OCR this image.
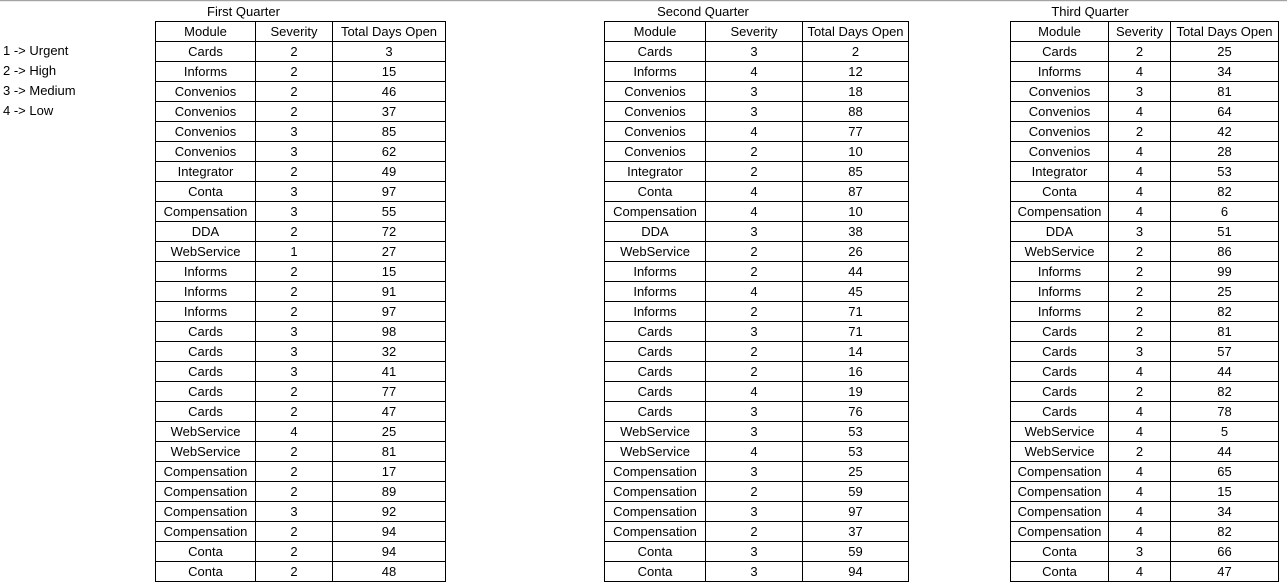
1 -> Urgent
2 -> High
3 -> Medium
4 -> Low
First Quarter	Second Quarter	Third Quarter
Module	Severity	Total Days Open
Cards	2	3
Informs	2	15
Convenios	2	46
Convenios	2	37
Convenios	3	85
Convenios	3	62
Integrator	2	49
Conta	3	97
Compensation	3	55
DDA	2	72
WebService	1	27
Informs	2	15
Informs	2	91
Informs	2	97
Cards	3	98
Cards	3	32
Cards	3	41
Cards	2	77
Cards	2	47
WebService	4	25
WebService	2	81
Compensation	2	17
Compensation	2	89
Compensation	3	92
Compensation	2	94
Conta	2	94
Conta	2	48
Module	Severity	Total Days Open
Cards	3	2
Informs	4	12
Convenios	3	18
Convenios	3	88
Convenios	4	77
Convenios	2	10
Integrator	2	85
Conta	4	87
Compensation	4	10
DDA	3	38
WebService	2	26
Informs	2	44
Informs	4	45
Informs	2	71
Cards	3	71
Cards	2	14
Cards	2	16
Cards	4	19
Cards	3	76
WebService	3	53
WebService	4	53
Compensation	3	25
Compensation	2	59
Compensation	3	97
Compensation	2	37
Conta	3	59
Conta	3	94
Module	Severity	Total Days Open
Cards	2	25
Informs	4	34
Convenios	3	81
Convenios	4	64
Convenios	2	42
Convenios	4	28
Integrator	4	53
Conta	4	82
Compensation	4	6
DDA	3	51
WebService	2	86
Informs	2	99
Informs	2	25
Informs	2	82
Cards	2	81
Cards	3	57
Cards	4	44
Cards	2	82
Cards	4	78
WebService	4	5
WebService	2	44
Compensation	4	65
Compensation	4	15
Compensation	4	34
Compensation	4	82
Conta	3	66
Conta	4	47
